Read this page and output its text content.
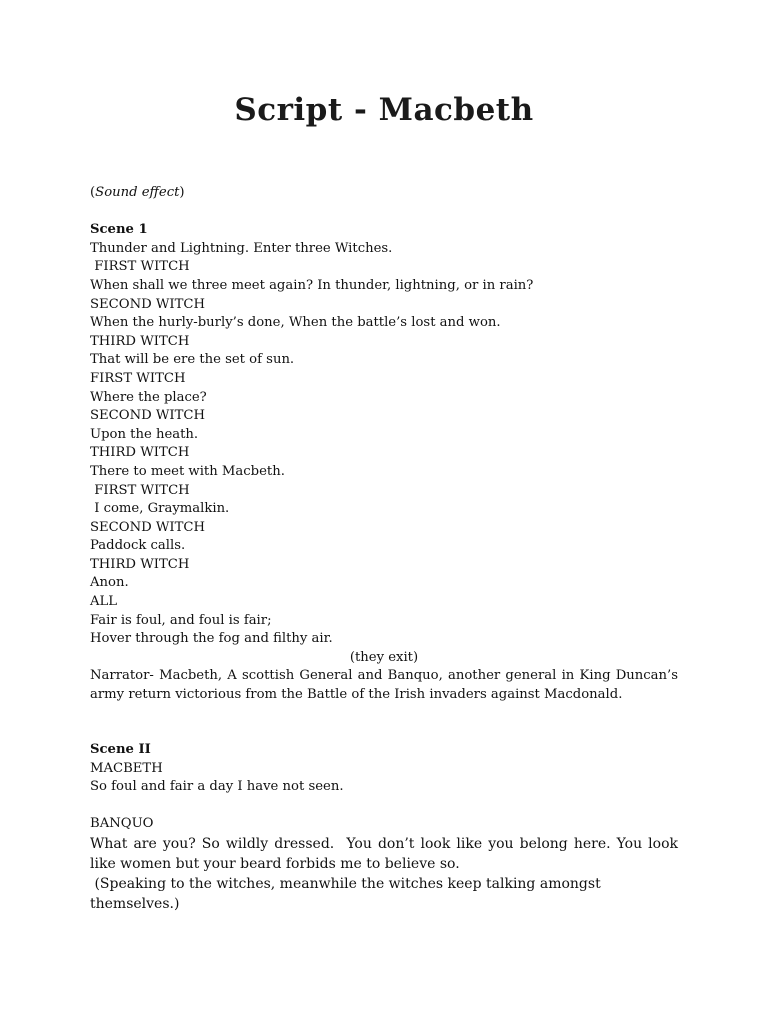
Script - Macbeth

(Sound effect)

Scene 1

Thunder and Lightning. Enter three Witches.

FIRST WITCH

When shall we three meet again? In thunder, lightning, or in rain?

SECOND WITCH

When the hurly-burly’s done, When the battle’s lost and won.

THIRD WITCH

That will be ere the set of sun.

FIRST WITCH

Where the place?

SECOND WITCH

Upon the heath.

THIRD WITCH

There to meet with Macbeth.

FIRST WITCH

I come, Graymalkin.

SECOND WITCH

Paddock calls.

THIRD WITCH

Anon.

ALL

Fair is foul, and foul is fair;

Hover through the fog and filthy air.

(they exit)

Narrator- Macbeth, A scottish General and Banquo, another general in King Duncan’s army return victorious from the Battle of the Irish invaders against Macdonald.

Scene II

MACBETH

So foul and fair a day I have not seen.

BANQUO

What are you? So wildly dressed.  You don’t look like you belong here. You look like women but your beard forbids me to believe so.

(Speaking to the witches, meanwhile the witches keep talking amongst themselves.)
